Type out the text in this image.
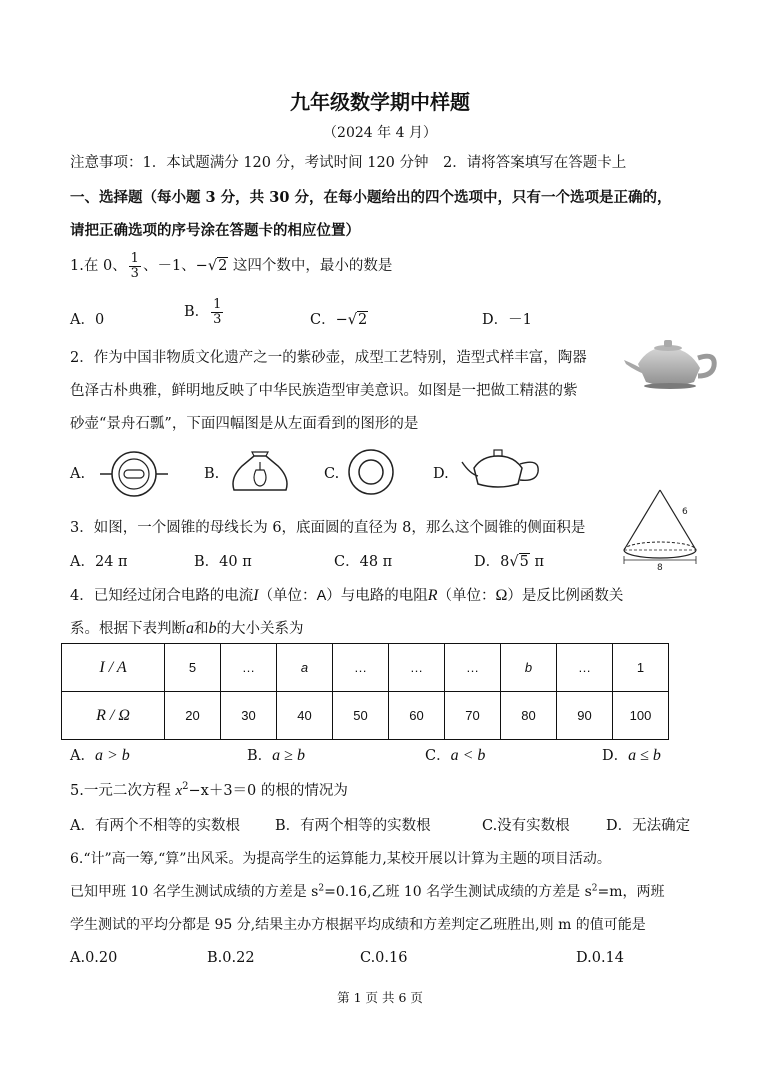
九年级数学期中样题
（2024 年 4 月）
注意事项：1．本试题满分 120 分，考试时间 120 分钟　2．请将答案填写在答题卡上
一、选择题（每小题 3 分，共 30 分，在每小题给出的四个选项中，只有一个选项是正确的，
请把正确选项的序号涂在答题卡的相应位置）
1.在 0、 $\frac{1}{3}$ 、－1、−√2 这四个数中，最小的数是
A．0	B． $\frac{1}{3}$	C．−√2	D．－1
2．作为中国非物质文化遗产之一的紫砂壶，成型工艺特别，造型式样丰富，陶器
色泽古朴典雅，鲜明地反映了中华民族造型审美意识。如图是一把做工精湛的紫
砂壶“景舟石瓢”，下面四幅图是从左面看到的图形的是
A.	B.	C.	D.
3．如图，一个圆锥的母线长为 6，底面圆的直径为 8，那么这个圆锥的侧面积是
A．24 π	B．40 π	C．48 π	D．8√5 π
6
8
4．已知经过闭合电路的电流I（单位：A）与电路的电阻R（单位：Ω）是反比例函数关
系。根据下表判断a和b的大小关系为
I / A	5	…	a	…	…	…	b	…	1
R / Ω	20	30	40	50	60	70	80	90	100
A．a > b	B．a ≥ b	C．a < b	D．a ≤ b
5.一元二次方程 $x^2-x+3=0$ 的根的情况为
A．有两个不相等的实数根 B．有两个相等的实数根	C.没有实数根	D．无法确定
6.“计”高一筹,“算”出风采。为提高学生的运算能力,某校开展以计算为主题的项目活动。
已知甲班 10 名学生测试成绩的方差是 $s^2=0.16$,乙班 10 名学生测试成绩的方差是 $s^2=m$，两班
学生测试的平均分都是 95 分,结果主办方根据平均成绩和方差判定乙班胜出,则 m 的值可能是
A.0.20	B.0.22	C.0.16	D.0.14
第 1 页 共 6 页
